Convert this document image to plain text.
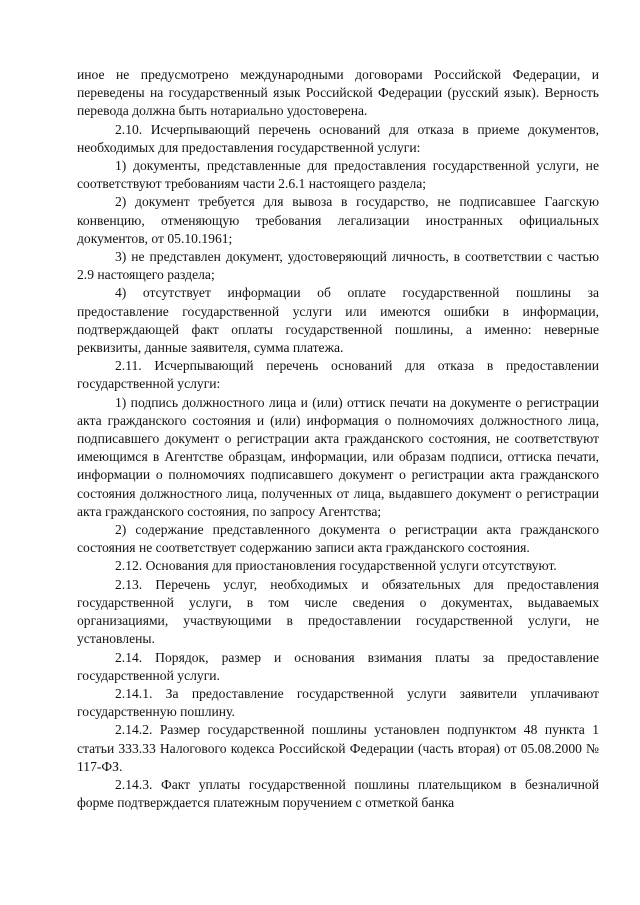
иное не предусмотрено международными договорами Российской Федерации, и переведены на государственный язык Российской Федерации (русский язык). Верность перевода должна быть нотариально удостоверена.

2.10. Исчерпывающий перечень оснований для отказа в приеме документов, необходимых для предоставления государственной услуги:

1) документы, представленные для предоставления государственной услуги, не соответствуют требованиям части 2.6.1 настоящего раздела;

2) документ требуется для вывоза в государство, не подписавшее Гаагскую конвенцию, отменяющую требования легализации иностранных официальных документов, от 05.10.1961;

3) не представлен документ, удостоверяющий личность, в соответствии с частью 2.9 настоящего раздела;

4) отсутствует информации об оплате государственной пошлины за предоставление государственной услуги или имеются ошибки в информации, подтверждающей факт оплаты государственной пошлины, а именно: неверные реквизиты, данные заявителя, сумма платежа.

2.11. Исчерпывающий перечень оснований для отказа в предоставлении государственной услуги:

1) подпись должностного лица и (или) оттиск печати на документе о регистрации акта гражданского состояния и (или) информация о полномочиях должностного лица, подписавшего документ о регистрации акта гражданского состояния, не соответствуют имеющимся в Агентстве образцам, информации, или образам подписи, оттиска печати, информации о полномочиях подписавшего документ о регистрации акта гражданского состояния должностного лица, полученных от лица, выдавшего документ о регистрации акта гражданского состояния, по запросу Агентства;

2) содержание представленного документа о регистрации акта гражданского состояния не соответствует содержанию записи акта гражданского состояния.

2.12. Основания для приостановления государственной услуги отсутствуют.

2.13. Перечень услуг, необходимых и обязательных для предоставления государственной услуги, в том числе сведения о документах, выдаваемых организациями, участвующими в предоставлении государственной услуги, не установлены.

2.14. Порядок, размер и основания взимания платы за предоставление государственной услуги.

2.14.1. За предоставление государственной услуги заявители уплачивают государственную пошлину.

2.14.2. Размер государственной пошлины установлен подпунктом 48 пункта 1 статьи 333.33 Налогового кодекса Российской Федерации (часть вторая) от 05.08.2000 № 117-ФЗ.

2.14.3. Факт уплаты государственной пошлины плательщиком в безналичной форме подтверждается платежным поручением с отметкой банка
